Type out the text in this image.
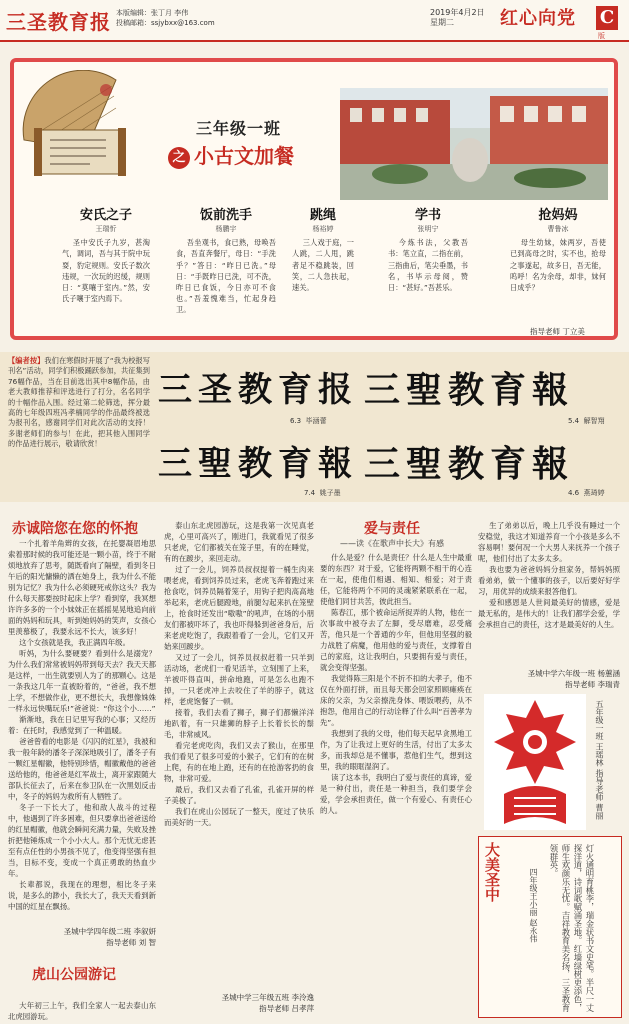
三圣教育报 本版编辑：张丁月 李伟
投稿邮箱：ssjybxx@163.com
2019年4月2日
星期二	红心向党 C
版
三年级一班
之 小古文加餐
安氏之子
王瑞忻

圣中安氏子九岁，甚淘气，调词，吾与其于院中玩耍，豹定规则。安氏子数次违规，一次玩的迟缓，规则日：“莫嚷于室内。”然，安氏子嚷于室内焉下。

饭前洗手
杨鹏宇

吾坐观书，食已熟，母唤吾食，吾直奔餐厅，母日：“手洗乎？”答日：“昨日已洗。”母日：“手既昨日已洗，可不洗，昨日已食饭，今日亦可不食也。”吾羞愧难当，忙起身趋卫。

跳绳
杨裕婷

三人戏于庭，一人跳，二人甩，跳者足不稳跳装，回笑，二人急扶起，速关。

学书
张明宁

今炼书法，父教吾书：笔立直，二指在前，三指曲后，笔尖垂墨，书名，书毕示母阅，赞日：“甚好。”吾甚乐。

抢妈妈
曹鲁冰

母生幼妹，妹两岁，吾使已到高母之时，实不也，抢母之事遂起，故多日，吾无能，呜呼！名为余母，却非，妹何日成乎？

指导老师 丁立美
【编者按】我们在寒假时开展了“我为校报写刊名”活动，同学们积极踊跃参加，共征集到76幅作品，当在目前选出其中8幅作品，由老大教师推荐和评选进行了打分，名名同学的十幅作品入围。经过第二轮筛选，挥分最高的七年级四班冯孝楠同学的作品最终被选为报刊名，感谢同学们对此次活动的支持！多谢老师们的参与！在此，把其他入围同学的作品进行展示，敬请欣赏！
三圣教育报
6.3 毕涵蕾
三聖教育報
5.4 解智翔
三聖教育報
7.4 姚子墨
三聖教育報
4.6 燕琦婷
赤诚陪您在您的怀抱

一个扎着羊角辫的女孩，在托婴凝眉地思索着那时候的我可能还是一颗小苗，终于不耐烦地放弃了思考，随既看向了隔壁，看到冬日午后的阳光慵懒的洒在她身上，我为什么不能别为记忆？我为什么必须硬死戒你这头？我为什么每天都要按时起床上学？看到穿，我冥想许许多多的一个小妹妹正在摇摇晃晃地追向前面的妈妈和玩具，听到她妈妈的笑声，女孩心里羡慕极了，我要永远不长大，该多好！

这个女孩就是我，我正满四年级。

听妈，为什么要硬要？看到什么是溺宠？为什么我们常常被妈妈带到每天去？我天天都是这样，一出生就要别人为了的那颗心。这是一条我这几年一直被盼着的，“爸爸，我不想上学，不想做作业，更不想长大，我想像姝姝一样永远快嘴玩乐!”爸爸说：“你这个小……”

渐渐地，我在日记里写我的心事；又经历着：在托时，我感觉到了一种温暖。

爸爸曾看的电影是《闪闪的红星》，我被和我一般年龄的潘冬子深深地吸引了，潘冬子有一颗红星帽徽，他特别珍惜，帽徽戴他的爸爸送给他的，他爸爸是红军战士，离开家跟随大部队长征去了，后来在参卫队在一次黑划反击中，冬子的妈妈为救所有人牺牲了。

冬子一下长大了，他和敌人战斗的过程中，他遇到了许多困难，但只要拿出爸爸送给的红星帽徽，他就会瞬间充满力量，失败及挫折把他锤炼成一个小小大人。那个无忧无虑甚至有点任性的小男孩不见了，他变得坚强有担当，目标不变，变成一个真正勇敢的热血少年。

长辈都说，我现在的理想，相比冬子来说，是多么的渺小，我长大了，我天天看到新中国的红星在飘扬。

圣城中学四年级二班 李叙妍
指导老师 刘 智
虎山公园游记

大年初三上午，我们全家人一起去泰山东北虎园游玩。

泰山东北虎园游玩，这是我第一次见真老虎，心里可高兴了，刚进门，我就看见了很多只老虎，它们都被关在笼子里，有的在睡觉，有的在踱步，来回走动。

过了一会儿，饲养员叔叔提着一桶生肉来喂老虎，看到饲养员过来，老虎飞奔着跑过来抢食吃，饲养员隔着笼子，用钩子把肉高高地举起来，老虎后腿蹬地，前腿勾起来扒在笼壁上，抢食时还发出“嗷嗷”的吼声，在场的小朋友们都被吓坏了，我也吓得躲到爸爸身后，后来老虎吃饱了，我跟着看了一会儿，它们又开始来回踱步。

又过了一会儿，饲养员叔叔赶着一只羊到活动场，老虎们一看见活羊，立刻围了上来，羊被吓得直叫，拼命地跑，可是怎么也跑不掉，一只老虎冲上去咬住了羊的脖子，就这样，老虎饱餐了一顿。

接着，我们去看了狮子，狮子们都懒洋洋地趴着，有一只雄狮的脖子上长着长长的鬃毛，非常威风。

看完老虎吃肉，我们又去了猴山，在那里我们看见了很多可爱的小猴子，它们有的在树上爬，有的在地上跑，还有的在抢游客扔的食物，非常可爱。

最后，我们又去看了孔雀，孔雀开屏的样子美极了。

我们在虎山公园玩了一整天，度过了快乐而美好的一天。

圣城中学三年级五班 李泠逸
指导老师 吕孝萍
爱与责任
——读《在歌声中长大》有感

什么是爱？什么是责任？什么是人生中最重要的东西？对于爱，它能将两颗不相干的心连在一起，使他们相遇、相知、相爱；对于责任，它能将两个不同的灵魂紧紧联系在一起，使他们同甘共苦，彼此担当。

陈春江，那个被命运所捉弄的人物，他在一次事故中被夺去了左脚，受尽磨难，忍受痛苦，他只是一个普通的少年，但他用坚强的毅力战胜了病魔，他用他的爱与责任，支撑着自己的家庭，这让我明白，只要拥有爱与责任，就会变得坚强。

我觉得陈三阳是个不折不扣的大孝子，他不仅在外面打拼，而且每天都会回家照顾瘫痪在床的父亲，为父亲擦洗身体、喂饭喂药，从不抱怨，他用自己的行动诠释了什么叫“百善孝为先”。

我想到了我的父母，他们每天起早贪黑地工作，为了让我过上更好的生活，付出了太多太多，而我却总是不懂事，惹他们生气，想到这里，我的眼眶湿润了。

读了这本书，我明白了爱与责任的真谛，爱是一种付出，责任是一种担当，我们要学会爱，学会承担责任，做一个有爱心、有责任心的人。

生了弟弟以后，晚上几乎没有睡过一个安稳觉，我这才知道养育一个小孩是多么不容易啊！要何况一个大男人来抚养一个孩子呢，他们付出了太多太多。

我也要为爸爸妈妈分担家务，帮妈妈照看弟弟，做一个懂事的孩子，以后要好好学习，用优异的成绩来报答他们。

爱和感恩是人世间最美好的情感，爱是最无私的，是伟大的！让我们都学会爱，学会承担自己的责任，这才是最美好的人生。

圣城中学六年级一班 杨蕙涵
指导老师 李瑞青
五年级一班 王瑶林 指导老师 曹丽
大美圣中	四年级王小丽 赵永伟	灯火通明育桃李，瑞金状书文史笔。半尺一丈探洋道，诗词歌赋涌圣地。红墙绿树更添色，师生欢颜乐无忧。吉祥教育美名扬，三圣教育领群英。
